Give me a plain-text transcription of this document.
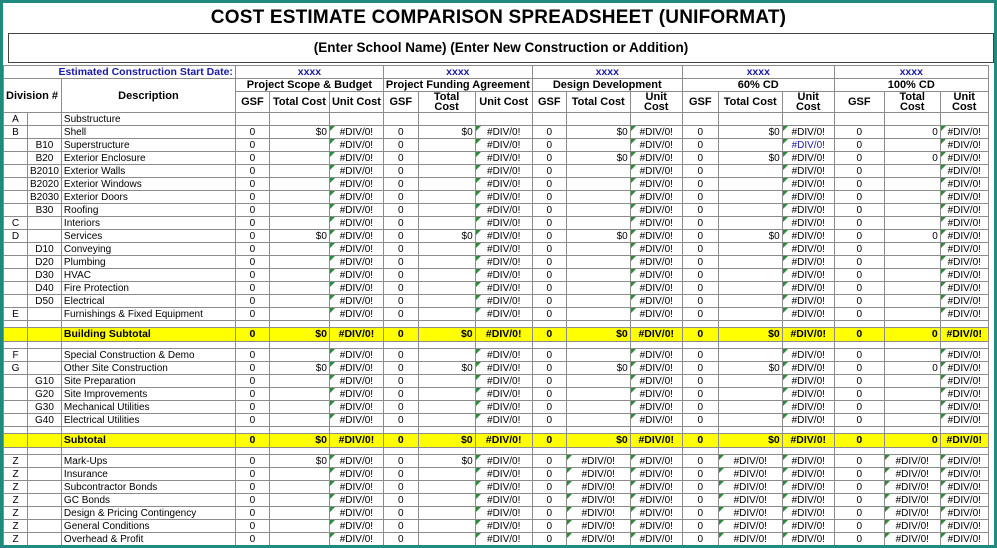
COST ESTIMATE COMPARISON SPREADSHEET (UNIFORMAT)
(Enter School Name) (Enter New Construction or Addition)
Estimated Construction Start Date:			xxxx			xxxx			xxxx			xxxx			xxxx		
Division #		Description	Project Scope & Budget			Project Funding Agreement			Design Development			60% CD			100% CD		
			GSF	Total Cost	Unit Cost	GSF	Total Cost	Unit Cost	GSF	Total Cost	Unit Cost	GSF	Total Cost	Unit Cost	GSF	Total Cost	Unit Cost
A		Substructure															
B		Shell	0	$0	#DIV/0!	0	$0	#DIV/0!	0	$0	#DIV/0!	0	$0	#DIV/0!	0	0	#DIV/0!
	B10	Superstructure	0		#DIV/0!	0		#DIV/0!	0		#DIV/0!	0		#DIV/0!	0		#DIV/0!
	B20	Exterior Enclosure	0		#DIV/0!	0		#DIV/0!	0	$0	#DIV/0!	0	$0	#DIV/0!	0	0	#DIV/0!
	B2010	Exterior Walls	0		#DIV/0!	0		#DIV/0!	0		#DIV/0!	0		#DIV/0!	0		#DIV/0!
	B2020	Exterior Windows	0		#DIV/0!	0		#DIV/0!	0		#DIV/0!	0		#DIV/0!	0		#DIV/0!
	B2030	Exterior Doors	0		#DIV/0!	0		#DIV/0!	0		#DIV/0!	0		#DIV/0!	0		#DIV/0!
	B30	Roofing	0		#DIV/0!	0		#DIV/0!	0		#DIV/0!	0		#DIV/0!	0		#DIV/0!
C		Interiors	0		#DIV/0!	0		#DIV/0!	0		#DIV/0!	0		#DIV/0!	0		#DIV/0!
D		Services	0	$0	#DIV/0!	0	$0	#DIV/0!	0	$0	#DIV/0!	0	$0	#DIV/0!	0	0	#DIV/0!
	D10	Conveying	0		#DIV/0!	0		#DIV/0!	0		#DIV/0!	0		#DIV/0!	0		#DIV/0!
	D20	Plumbing	0		#DIV/0!	0		#DIV/0!	0		#DIV/0!	0		#DIV/0!	0		#DIV/0!
	D30	HVAC	0		#DIV/0!	0		#DIV/0!	0		#DIV/0!	0		#DIV/0!	0		#DIV/0!
	D40	Fire Protection	0		#DIV/0!	0		#DIV/0!	0		#DIV/0!	0		#DIV/0!	0		#DIV/0!
	D50	Electrical	0		#DIV/0!	0		#DIV/0!	0		#DIV/0!	0		#DIV/0!	0		#DIV/0!
E		Furnishings & Fixed Equipment	0		#DIV/0!	0		#DIV/0!	0		#DIV/0!	0		#DIV/0!	0		#DIV/0!

		Building Subtotal	0	$0	#DIV/0!	0	$0	#DIV/0!	0	$0	#DIV/0!	0	$0	#DIV/0!	0	0	#DIV/0!

F		Special Construction & Demo	0		#DIV/0!	0		#DIV/0!	0		#DIV/0!	0		#DIV/0!	0		#DIV/0!
G		Other Site Construction	0	$0	#DIV/0!	0	$0	#DIV/0!	0	$0	#DIV/0!	0	$0	#DIV/0!	0	0	#DIV/0!
	G10	Site Preparation	0		#DIV/0!	0		#DIV/0!	0		#DIV/0!	0		#DIV/0!	0		#DIV/0!
	G20	Site Improvements	0		#DIV/0!	0		#DIV/0!	0		#DIV/0!	0		#DIV/0!	0		#DIV/0!
	G30	Mechanical Utilities	0		#DIV/0!	0		#DIV/0!	0		#DIV/0!	0		#DIV/0!	0		#DIV/0!
	G40	Electrical Utilities	0		#DIV/0!	0		#DIV/0!	0		#DIV/0!	0		#DIV/0!	0		#DIV/0!

		Subtotal	0	$0	#DIV/0!	0	$0	#DIV/0!	0	$0	#DIV/0!	0	$0	#DIV/0!	0	0	#DIV/0!

Z		Mark-Ups	0	$0	#DIV/0!	0	$0	#DIV/0!	0	#DIV/0!	#DIV/0!	0	#DIV/0!	#DIV/0!	0	#DIV/0!	#DIV/0!
Z		Insurance	0		#DIV/0!	0		#DIV/0!	0	#DIV/0!	#DIV/0!	0	#DIV/0!	#DIV/0!	0	#DIV/0!	#DIV/0!
Z		Subcontractor Bonds	0		#DIV/0!	0		#DIV/0!	0	#DIV/0!	#DIV/0!	0	#DIV/0!	#DIV/0!	0	#DIV/0!	#DIV/0!
Z		GC Bonds	0		#DIV/0!	0		#DIV/0!	0	#DIV/0!	#DIV/0!	0	#DIV/0!	#DIV/0!	0	#DIV/0!	#DIV/0!
Z		Design & Pricing Contingency	0		#DIV/0!	0		#DIV/0!	0	#DIV/0!	#DIV/0!	0	#DIV/0!	#DIV/0!	0	#DIV/0!	#DIV/0!
Z		General Conditions	0		#DIV/0!	0		#DIV/0!	0	#DIV/0!	#DIV/0!	0	#DIV/0!	#DIV/0!	0	#DIV/0!	#DIV/0!
Z		Overhead & Profit	0		#DIV/0!	0		#DIV/0!	0	#DIV/0!	#DIV/0!	0	#DIV/0!	#DIV/0!	0	#DIV/0!	#DIV/0!
